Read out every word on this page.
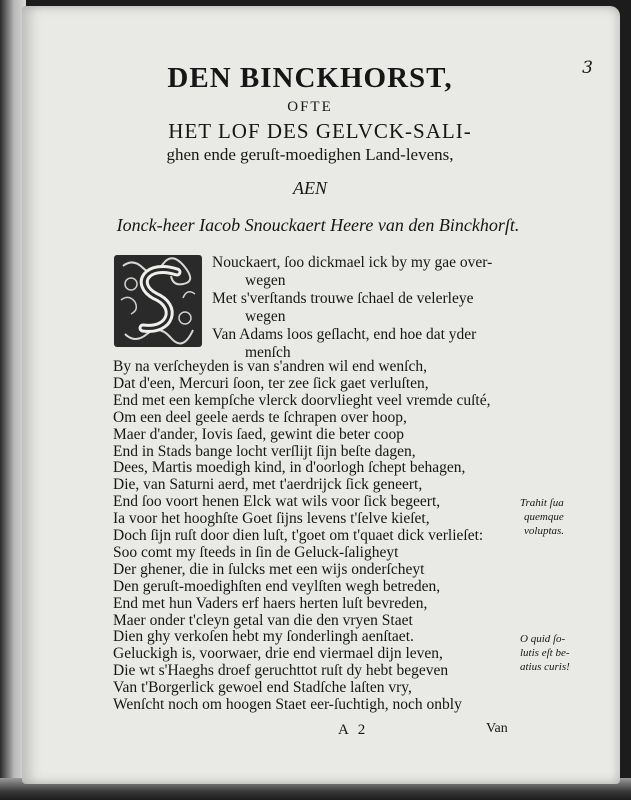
3
DEN BINCKHORST,
OFTE
HET LOF DES GELVCK-SALI-
ghen ende geruſt-moedighen Land-levens,
AEN
Ionck-heer Iacob Snouckaert Heere van den Binckhorſt.
Nouckaert, ſoo dickmael ick by my gae over-
wegen
Met s'verſtands trouwe ſchael de velerleye
wegen
Van Adams loos geſlacht, end hoe dat yder
menſch
By na verſcheyden is van s'andren wil end wenſch,
Dat d'een, Mercuri ſoon, ter zee ſick gaet verluſten,
End met een kempſche vlerck doorvlieght veel vremde cuſté,
Om een deel geele aerds te ſchrapen over hoop,
Maer d'ander, Iovis ſaed, gewint die beter coop
End in Stads bange locht verſlijt ſijn beſte dagen,
Dees, Martis moedigh kind, in d'oorlogh ſchept behagen,
Die, van Saturni aerd, met t'aerdrijck ſick geneert,
End ſoo voort henen Elck wat wils voor ſick begeert,
Ia voor het hooghſte Goet ſijns levens t'ſelve kieſet,
Doch ſijn ruſt door dien luſt, t'goet om t'quaet dick verlieſet:
Soo comt my ſteeds in ſin de Geluck-ſaligheyt
Der ghener, die in ſulcks met een wijs onderſcheyt
Den geruſt-moedighſten end veylſten wegh betreden,
End met hun Vaders erf haers herten luſt bevreden,
Maer onder t'cleyn getal van die den vryen Staet
Dien ghy verkoſen hebt my ſonderlingh aenſtaet.
Geluckigh is, voorwaer, drie end viermael dijn leven,
Die wt s'Haeghs droef geruchttot ruſt dy hebt begeven
Van t'Borgerlick gewoel end Stadſche laſten vry,
Wenſcht noch om hoogen Staet eer-ſuchtigh, noch onbly
Trahit ſua
quemque
voluptas.
O quid ſo-
lutis eſt be-
atius curis!
A 2	Van
